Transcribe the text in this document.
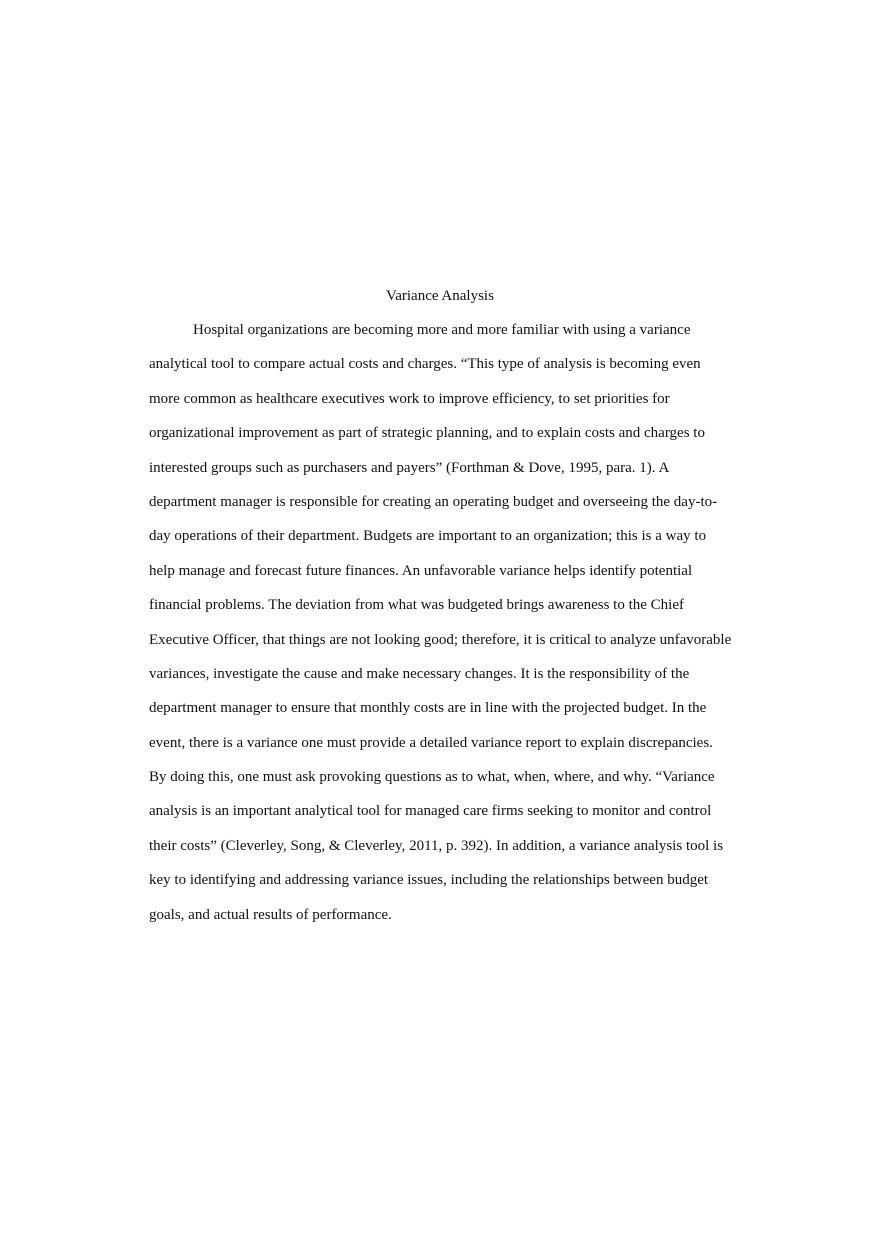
Variance Analysis
Hospital organizations are becoming more and more familiar with using a variance
analytical tool to compare actual costs and charges. “This type of analysis is becoming even
more common as healthcare executives work to improve efficiency, to set priorities for
organizational improvement as part of strategic planning, and to explain costs and charges to
interested groups such as purchasers and payers” (Forthman & Dove, 1995, para. 1). A
department manager is responsible for creating an operating budget and overseeing the day-to-
day operations of their department. Budgets are important to an organization; this is a way to
help manage and forecast future finances. An unfavorable variance helps identify potential
financial problems. The deviation from what was budgeted brings awareness to the Chief
Executive Officer, that things are not looking good; therefore, it is critical to analyze unfavorable
variances, investigate the cause and make necessary changes. It is the responsibility of the
department manager to ensure that monthly costs are in line with the projected budget. In the
event, there is a variance one must provide a detailed variance report to explain discrepancies.
By doing this, one must ask provoking questions as to what, when, where, and why. “Variance
analysis is an important analytical tool for managed care firms seeking to monitor and control
their costs” (Cleverley, Song, & Cleverley, 2011, p. 392). In addition, a variance analysis tool is
key to identifying and addressing variance issues, including the relationships between budget
goals, and actual results of performance.
